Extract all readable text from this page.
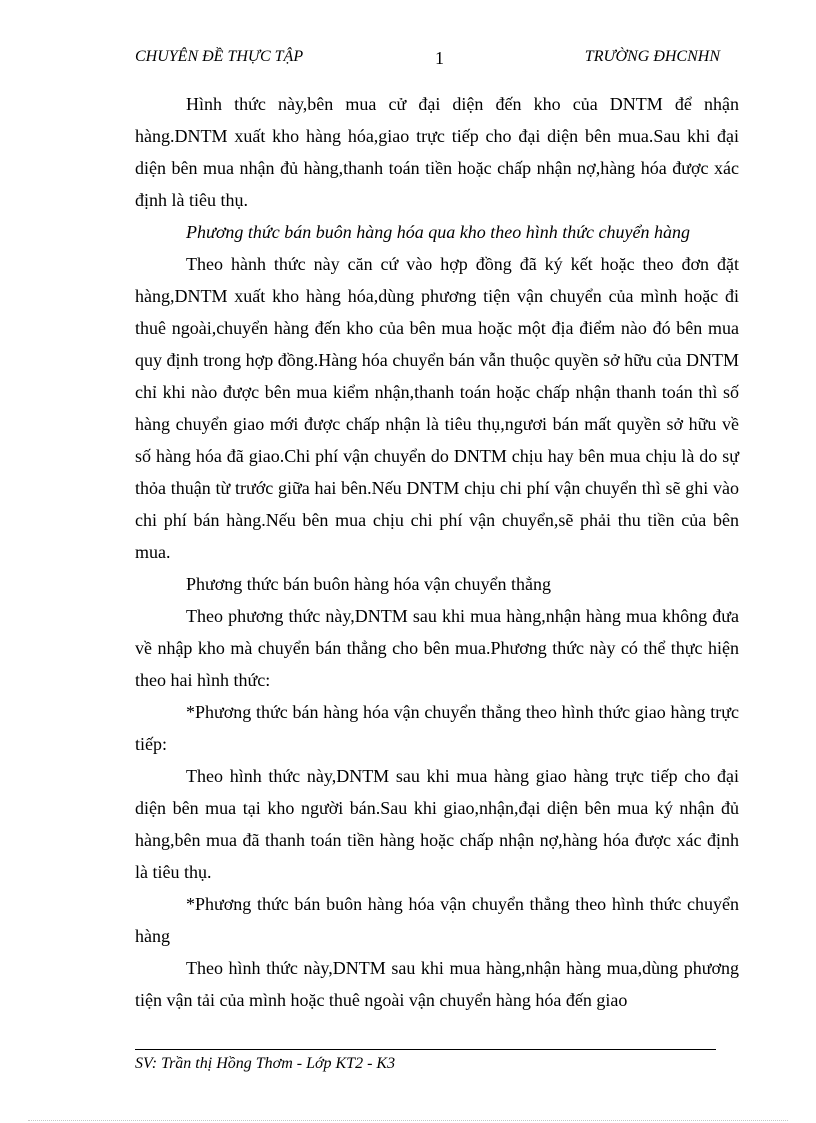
CHUYÊN ĐỀ THỰC TẬP	1	TRƯỜNG ĐHCNHN

Hình thức này,bên mua cử đại diện đến kho của DNTM để nhận hàng.DNTM xuất kho hàng hóa,giao trực tiếp cho đại diện bên mua.Sau khi đại diện bên mua nhận đủ hàng,thanh toán tiền hoặc chấp nhận nợ,hàng hóa được xác định là tiêu thụ.

Phương thức bán buôn hàng hóa qua kho theo hình thức chuyển hàng

Theo hành thức này căn cứ vào hợp đồng đã ký kết hoặc theo đơn đặt hàng,DNTM xuất kho hàng hóa,dùng phương tiện vận chuyển của mình hoặc đi thuê ngoài,chuyển hàng đến kho của bên mua hoặc một địa điểm nào đó bên mua quy định trong hợp đồng.Hàng hóa chuyển bán vẫn thuộc quyền sở hữu của DNTM chỉ khi nào được bên mua kiểm nhận,thanh toán hoặc chấp nhận thanh toán thì số hàng chuyển giao mới được chấp nhận là tiêu thụ,ngươi bán mất quyền sở hữu về số hàng hóa đã giao.Chi phí vận chuyển do DNTM chịu hay bên mua chịu là do sự thỏa thuận từ trước giữa hai bên.Nếu DNTM chịu chi phí vận chuyển thì sẽ ghi vào chi phí bán hàng.Nếu bên mua chịu chi phí vận chuyển,sẽ phải thu tiền của bên mua.

Phương thức bán buôn hàng hóa vận chuyển thẳng

Theo phương thức này,DNTM sau khi mua hàng,nhận hàng mua không đưa về nhập kho mà chuyển bán thẳng cho bên mua.Phương thức này có thể thực hiện theo hai hình thức:

*Phương thức bán hàng hóa vận chuyển thẳng theo hình thức giao hàng trực tiếp:

Theo hình thức này,DNTM sau khi mua hàng giao hàng trực tiếp cho đại diện bên mua tại kho người bán.Sau khi giao,nhận,đại diện bên mua ký nhận đủ hàng,bên mua đã thanh toán tiền hàng hoặc chấp nhận nợ,hàng hóa được xác định là tiêu thụ.

*Phương thức bán buôn hàng hóa vận chuyển thẳng theo hình thức chuyển hàng

Theo hình thức này,DNTM sau khi mua hàng,nhận hàng mua,dùng phương tiện vận tải của mình hoặc thuê ngoài vận chuyển hàng hóa đến giao

SV: Trần thị Hồng Thơm - Lớp KT2 - K3
